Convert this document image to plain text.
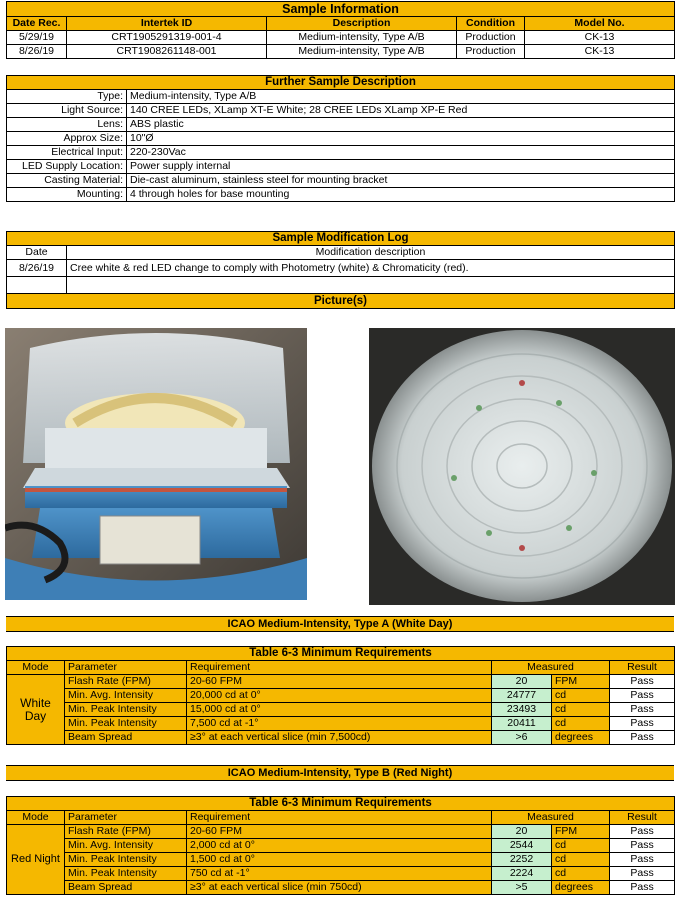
Sample Information				
Date Rec.	Intertek ID	Description	Condition	Model No.
5/29/19	CRT1905291319-001-4	Medium-intensity, Type A/B	Production	CK-13
8/26/19	CRT1908261148-001	Medium-intensity, Type A/B	Production	CK-13
Further Sample Description	
Type:	Medium-intensity, Type A/B
Light Source:	140 CREE LEDs, XLamp XT-E White; 28 CREE LEDs XLamp XP-E Red
Lens:	ABS plastic
Approx Size:	10"Ø
Electrical Input:	220-230Vac
LED Supply Location:	Power supply internal
Casting Material:	Die-cast aluminum, stainless steel for mounting bracket
Mounting:	4 through holes for base mounting
Sample Modification Log	
Date	Modification description
8/26/19	Cree white & red LED change to comply with Photometry (white) & Chromaticity (red).

Picture(s)	
ICAO Medium-Intensity, Type A (White Day)
Table 6-3 Minimum Requirements					
Mode	Parameter	Requirement	Measured		Result
White Day	Flash Rate (FPM)	20-60 FPM	20	FPM	Pass
	Min. Avg. Intensity	20,000 cd at 0°	24777	cd	Pass
	Min. Peak Intensity	15,000 cd at 0°	23493	cd	Pass
	Min. Peak Intensity	7,500 cd at -1°	20411	cd	Pass
	Beam Spread	≥3° at each vertical slice (min 7,500cd)	>6	degrees	Pass
ICAO Medium-Intensity, Type B (Red Night)
Table 6-3 Minimum Requirements					
Mode	Parameter	Requirement	Measured		Result
Red Night	Flash Rate (FPM)	20-60 FPM	20	FPM	Pass
	Min. Avg. Intensity	2,000 cd at 0°	2544	cd	Pass
	Min. Peak Intensity	1,500 cd at 0°	2252	cd	Pass
	Min. Peak Intensity	750 cd at -1°	2224	cd	Pass
	Beam Spread	≥3° at each vertical slice (min 750cd)	>5	degrees	Pass
